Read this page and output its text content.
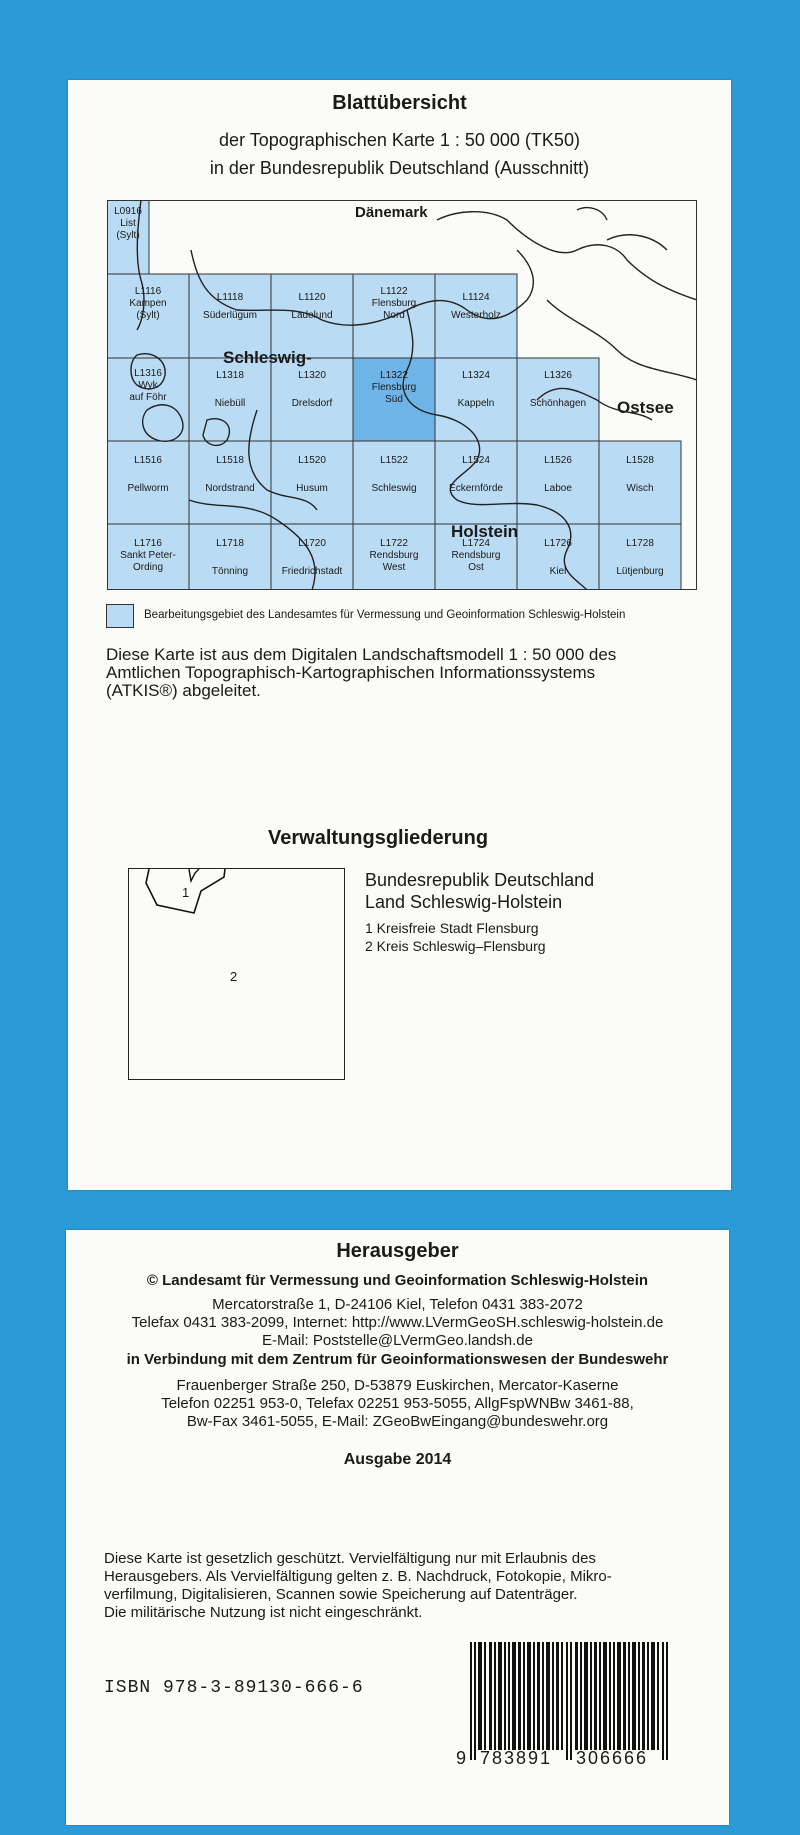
Blattübersicht
der Topographischen Karte 1 : 50 000 (TK50)
in der Bundesrepublik Deutschland (Ausschnitt)
Dänemark
Schleswig-
Holstein
Ostsee
L0916
List
(Sylt)
L1116
Kampen
(Sylt)
L1118
Süderlügum
L1120
Ladelund
L1122
Flensburg
Nord
L1124
Westerholz
L1316
Wyk
auf Föhr
L1318
Niebüll
L1320
Drelsdorf
L1322
Flensburg
Süd
L1324
Kappeln
L1326
Schönhagen
L1516
Pellworm
L1518
Nordstrand
L1520
Husum
L1522
Schleswig
L1524
Eckernförde
L1526
Laboe
L1528
Wisch
L1716
Sankt Peter-
Ording
L1718
Tönning
L1720
Friedrichstadt
L1722
Rendsburg
West
L1724
Rendsburg
Ost
L1726
Kiel
L1728
Lütjenburg
Bearbeitungsgebiet des Landesamtes für Vermessung und Geoinformation Schleswig-Holstein
Diese Karte ist aus dem Digitalen Landschaftsmodell 1 : 50 000 des
Amtlichen Topographisch-Kartographischen Informationssystems
(ATKIS®) abgeleitet.
Verwaltungsgliederung
1
2
Bundesrepublik Deutschland
Land Schleswig-Holstein
1 Kreisfreie Stadt Flensburg
2 Kreis Schleswig–Flensburg
Herausgeber
© Landesamt für Vermessung und Geoinformation Schleswig-Holstein
Mercatorstraße 1, D-24106 Kiel, Telefon 0431 383-2072
Telefax 0431 383-2099, Internet: http://www.LVermGeoSH.schleswig-holstein.de
E-Mail: Poststelle@LVermGeo.landsh.de
in Verbindung mit dem Zentrum für Geoinformationswesen der Bundeswehr
Frauenberger Straße 250, D-53879 Euskirchen, Mercator-Kaserne
Telefon 02251 953-0, Telefax 02251 953-5055, AllgFspWNBw 3461-88,
Bw-Fax 3461-5055, E-Mail: ZGeoBwEingang@bundeswehr.org
Ausgabe 2014
Diese Karte ist gesetzlich geschützt. Vervielfältigung nur mit Erlaubnis des
Herausgebers. Als Vervielfältigung gelten z. B. Nachdruck, Fotokopie, Mikro-
verfilmung, Digitalisieren, Scannen sowie Speicherung auf Datenträger.
Die militärische Nutzung ist nicht eingeschränkt.
ISBN 978-3-89130-666-6
9 783891 306666
